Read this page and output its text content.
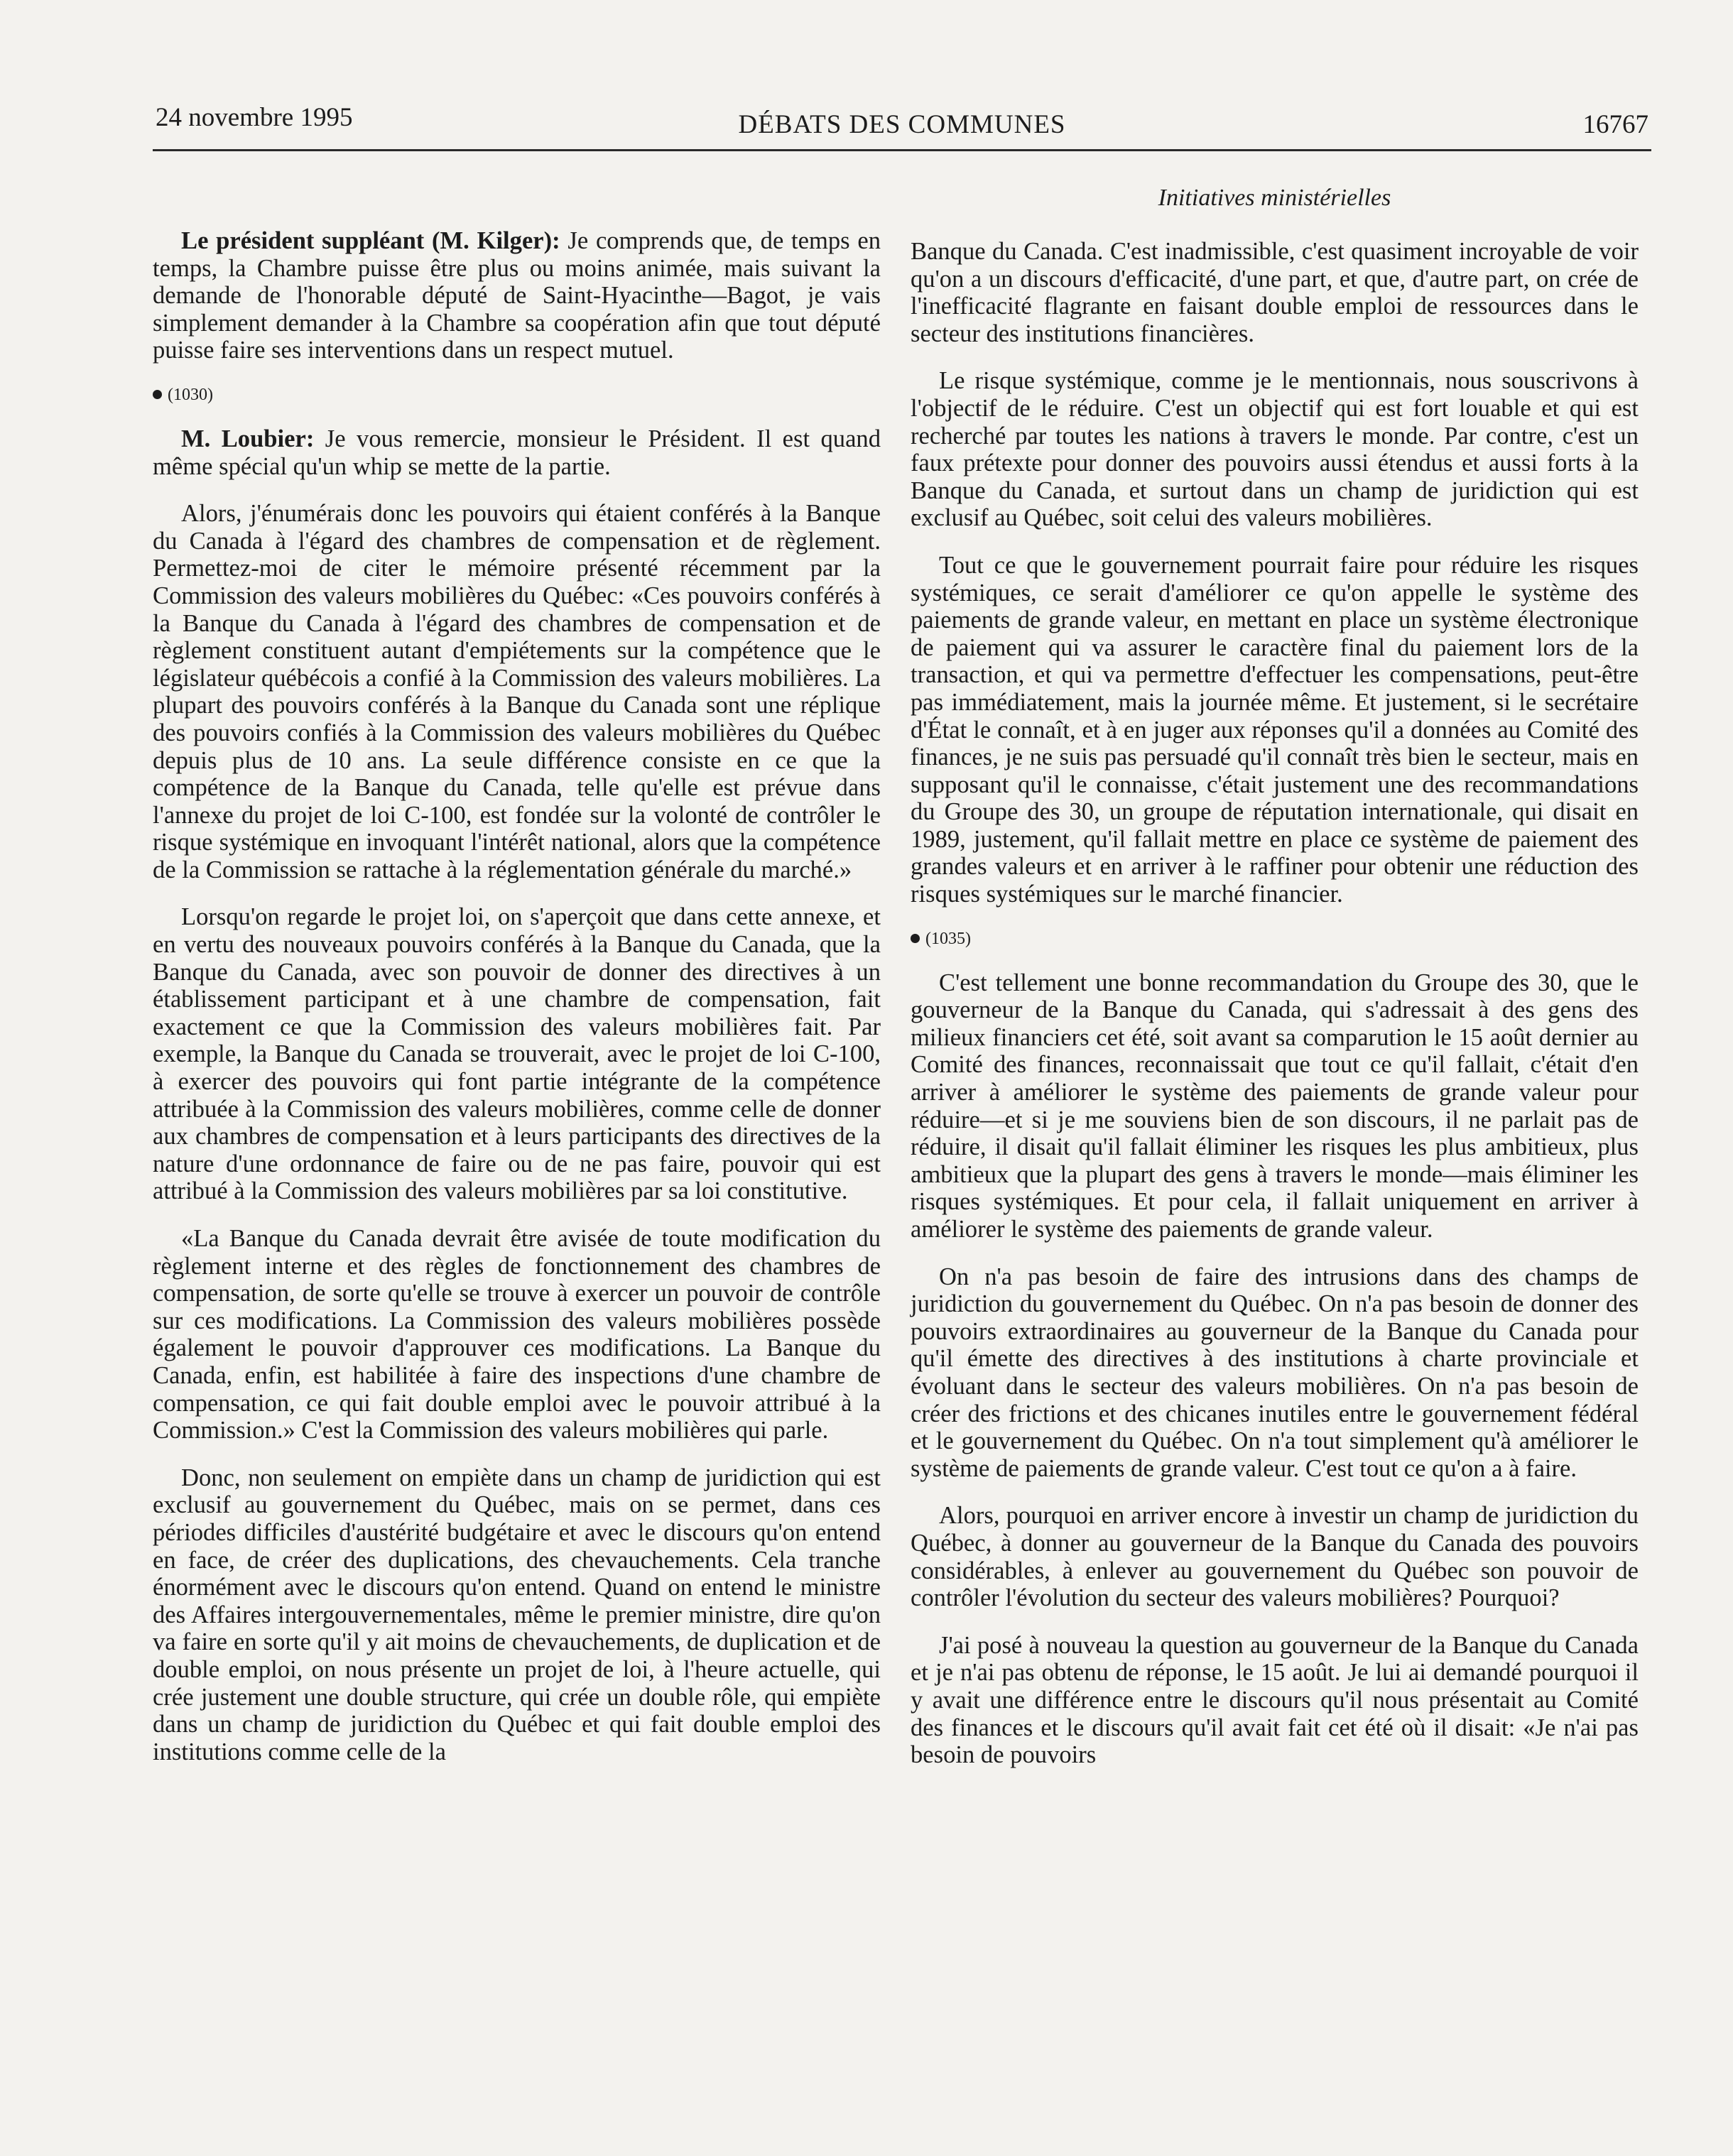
24 novembre 1995	DÉBATS DES COMMUNES	16767
Initiatives ministérielles

Le président suppléant (M. Kilger): Je comprends que, de temps en temps, la Chambre puisse être plus ou moins animée, mais suivant la demande de l'honorable député de Saint-Hyacinthe—Bagot, je vais simplement demander à la Chambre sa coopération afin que tout député puisse faire ses interventions dans un respect mutuel.

(1030)

M. Loubier: Je vous remercie, monsieur le Président. Il est quand même spécial qu'un whip se mette de la partie.

Alors, j'énumérais donc les pouvoirs qui étaient conférés à la Banque du Canada à l'égard des chambres de compensation et de règlement. Permettez-moi de citer le mémoire présenté récemment par la Commission des valeurs mobilières du Québec: «Ces pouvoirs conférés à la Banque du Canada à l'égard des chambres de compensation et de règlement constituent autant d'empiétements sur la compétence que le législateur québécois a confié à la Commission des valeurs mobilières. La plupart des pouvoirs conférés à la Banque du Canada sont une réplique des pouvoirs confiés à la Commission des valeurs mobilières du Québec depuis plus de 10 ans. La seule différence consiste en ce que la compétence de la Banque du Canada, telle qu'elle est prévue dans l'annexe du projet de loi C-100, est fondée sur la volonté de contrôler le risque systémique en invoquant l'intérêt national, alors que la compétence de la Commission se rattache à la réglementation générale du marché.»

Lorsqu'on regarde le projet loi, on s'aperçoit que dans cette annexe, et en vertu des nouveaux pouvoirs conférés à la Banque du Canada, que la Banque du Canada, avec son pouvoir de donner des directives à un établissement participant et à une chambre de compensation, fait exactement ce que la Commission des valeurs mobilières fait. Par exemple, la Banque du Canada se trouverait, avec le projet de loi C-100, à exercer des pouvoirs qui font partie intégrante de la compétence attribuée à la Commission des valeurs mobilières, comme celle de donner aux chambres de compensation et à leurs participants des directives de la nature d'une ordonnance de faire ou de ne pas faire, pouvoir qui est attribué à la Commission des valeurs mobilières par sa loi constitutive.

«La Banque du Canada devrait être avisée de toute modification du règlement interne et des règles de fonctionnement des chambres de compensation, de sorte qu'elle se trouve à exercer un pouvoir de contrôle sur ces modifications. La Commission des valeurs mobilières possède également le pouvoir d'approuver ces modifications. La Banque du Canada, enfin, est habilitée à faire des inspections d'une chambre de compensation, ce qui fait double emploi avec le pouvoir attribué à la Commission.» C'est la Commission des valeurs mobilières qui parle.

Donc, non seulement on empiète dans un champ de juridiction qui est exclusif au gouvernement du Québec, mais on se permet, dans ces périodes difficiles d'austérité budgétaire et avec le discours qu'on entend en face, de créer des duplications, des chevauchements. Cela tranche énormément avec le discours qu'on entend. Quand on entend le ministre des Affaires intergouvernementales, même le premier ministre, dire qu'on va faire en sorte qu'il y ait moins de chevauchements, de duplication et de double emploi, on nous présente un projet de loi, à l'heure actuelle, qui crée justement une double structure, qui crée un double rôle, qui empiète dans un champ de juridiction du Québec et qui fait double emploi des institutions comme celle de la

Banque du Canada. C'est inadmissible, c'est quasiment incroyable de voir qu'on a un discours d'efficacité, d'une part, et que, d'autre part, on crée de l'inefficacité flagrante en faisant double emploi de ressources dans le secteur des institutions financières.

Le risque systémique, comme je le mentionnais, nous souscrivons à l'objectif de le réduire. C'est un objectif qui est fort louable et qui est recherché par toutes les nations à travers le monde. Par contre, c'est un faux prétexte pour donner des pouvoirs aussi étendus et aussi forts à la Banque du Canada, et surtout dans un champ de juridiction qui est exclusif au Québec, soit celui des valeurs mobilières.

Tout ce que le gouvernement pourrait faire pour réduire les risques systémiques, ce serait d'améliorer ce qu'on appelle le système des paiements de grande valeur, en mettant en place un système électronique de paiement qui va assurer le caractère final du paiement lors de la transaction, et qui va permettre d'effectuer les compensations, peut-être pas immédiatement, mais la journée même. Et justement, si le secrétaire d'État le connaît, et à en juger aux réponses qu'il a données au Comité des finances, je ne suis pas persuadé qu'il connaît très bien le secteur, mais en supposant qu'il le connaisse, c'était justement une des recommandations du Groupe des 30, un groupe de réputation internationale, qui disait en 1989, justement, qu'il fallait mettre en place ce système de paiement des grandes valeurs et en arriver à le raffiner pour obtenir une réduction des risques systémiques sur le marché financier.

(1035)

C'est tellement une bonne recommandation du Groupe des 30, que le gouverneur de la Banque du Canada, qui s'adressait à des gens des milieux financiers cet été, soit avant sa comparution le 15 août dernier au Comité des finances, reconnaissait que tout ce qu'il fallait, c'était d'en arriver à améliorer le système des paiements de grande valeur pour réduire—et si je me souviens bien de son discours, il ne parlait pas de réduire, il disait qu'il fallait éliminer les risques les plus ambitieux, plus ambitieux que la plupart des gens à travers le monde—mais éliminer les risques systémiques. Et pour cela, il fallait uniquement en arriver à améliorer le système des paiements de grande valeur.

On n'a pas besoin de faire des intrusions dans des champs de juridiction du gouvernement du Québec. On n'a pas besoin de donner des pouvoirs extraordinaires au gouverneur de la Banque du Canada pour qu'il émette des directives à des institutions à charte provinciale et évoluant dans le secteur des valeurs mobilières. On n'a pas besoin de créer des frictions et des chicanes inutiles entre le gouvernement fédéral et le gouvernement du Québec. On n'a tout simplement qu'à améliorer le système de paiements de grande valeur. C'est tout ce qu'on a à faire.

Alors, pourquoi en arriver encore à investir un champ de juridiction du Québec, à donner au gouverneur de la Banque du Canada des pouvoirs considérables, à enlever au gouvernement du Québec son pouvoir de contrôler l'évolution du secteur des valeurs mobilières? Pourquoi?

J'ai posé à nouveau la question au gouverneur de la Banque du Canada et je n'ai pas obtenu de réponse, le 15 août. Je lui ai demandé pourquoi il y avait une différence entre le discours qu'il nous présentait au Comité des finances et le discours qu'il avait fait cet été où il disait: «Je n'ai pas besoin de pouvoirs
